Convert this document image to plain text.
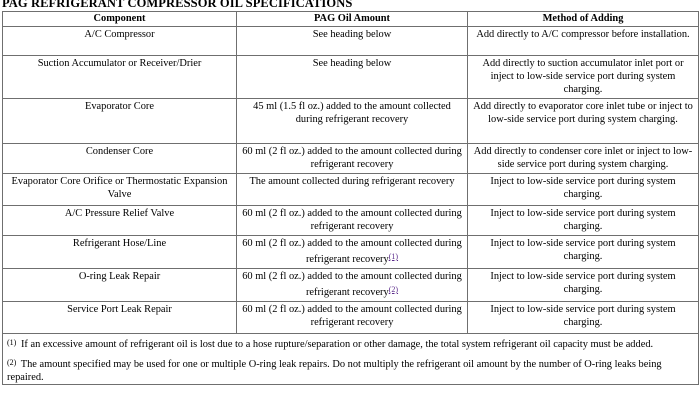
PAG REFRIGERANT COMPRESSOR OIL SPECIFICATIONS
Component	PAG Oil Amount	Method of Adding
A/C Compressor	See heading below	Add directly to A/C compressor before installation.
Suction Accumulator or Receiver/Drier	See heading below	Add directly to suction accumulator inlet port or inject to low-side service port during system charging.
Evaporator Core	45 ml (1.5 fl oz.) added to the amount collected during refrigerant recovery	Add directly to evaporator core inlet tube or inject to low-side service port during system charging.
Condenser Core	60 ml (2 fl oz.) added to the amount collected during refrigerant recovery	Add directly to condenser core inlet or inject to low-side service port during system charging.
Evaporator Core Orifice or Thermostatic Expansion Valve	The amount collected during refrigerant recovery	Inject to low-side service port during system charging.
A/C Pressure Relief Valve	60 ml (2 fl oz.) added to the amount collected during refrigerant recovery	Inject to low-side service port during system charging.
Refrigerant Hose/Line	60 ml (2 fl oz.) added to the amount collected during refrigerant recovery$^{(1)}$	Inject to low-side service port during system charging.
O-ring Leak Repair	60 ml (2 fl oz.) added to the amount collected during refrigerant recovery$^{(2)}$	Inject to low-side service port during system charging.
Service Port Leak Repair	60 ml (2 fl oz.) added to the amount collected during refrigerant recovery	Inject to low-side service port during system charging.

(1) If an excessive amount of refrigerant oil is lost due to a hose rupture/separation or other damage, the total system refrigerant oil capacity must be added.

(2) The amount specified may be used for one or multiple O-ring leak repairs. Do not multiply the refrigerant oil amount by the number of O-ring leaks being repaired.		
